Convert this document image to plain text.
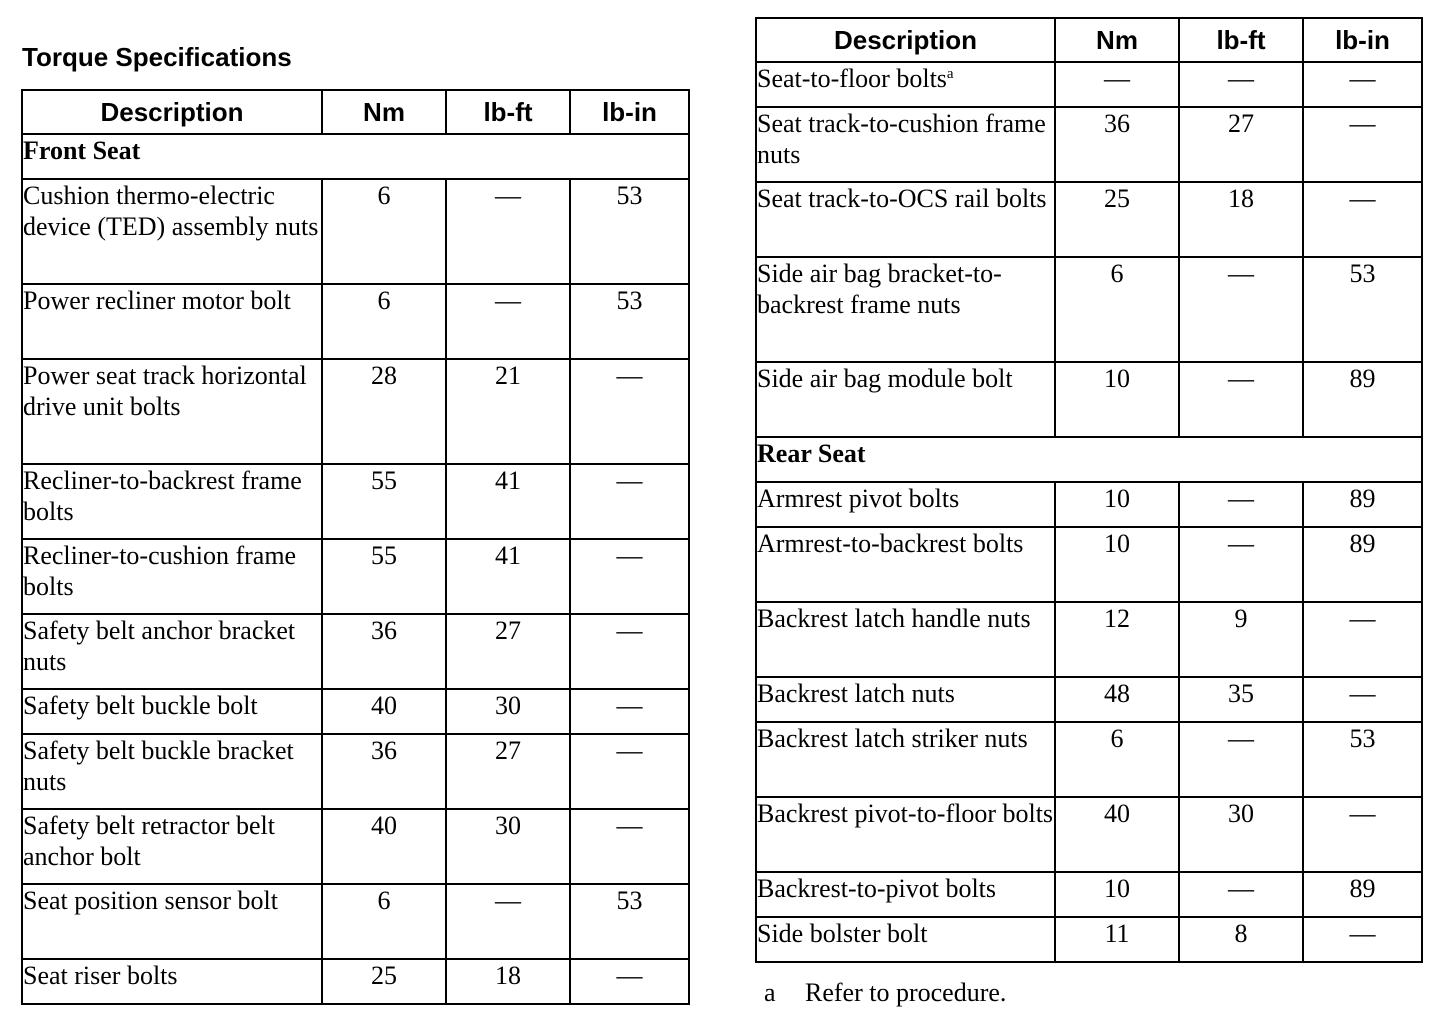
Torque Specifications
Description	Nm	lb-ft	lb-in
Front Seat			
Cushion thermo-electric device (TED) assembly nuts	6	—	53
Power recliner motor bolt	6	—	53
Power seat track horizontal drive unit bolts	28	21	—
Recliner-to-backrest frame bolts	55	41	—
Recliner-to-cushion frame bolts	55	41	—
Safety belt anchor bracket nuts	36	27	—
Safety belt buckle bolt	40	30	—
Safety belt buckle bracket nuts	36	27	—
Safety belt retractor belt anchor bolt	40	30	—
Seat position sensor bolt	6	—	53
Seat riser bolts	25	18	—
Description	Nm	lb-ft	lb-in
Seat-to-floor bolts$^a$	—	—	—
Seat track-to-cushion frame nuts	36	27	—
Seat track-to-OCS rail bolts	25	18	—
Side air bag bracket-to-backrest frame nuts	6	—	53
Side air bag module bolt	10	—	89
Rear Seat			
Armrest pivot bolts	10	—	89
Armrest-to-backrest bolts	10	—	89
Backrest latch handle nuts	12	9	—
Backrest latch nuts	48	35	—
Backrest latch striker nuts	6	—	53
Backrest pivot-to-floor bolts	40	30	—
Backrest-to-pivot bolts	10	—	89
Side bolster bolt	11	8	—
a Refer to procedure.
